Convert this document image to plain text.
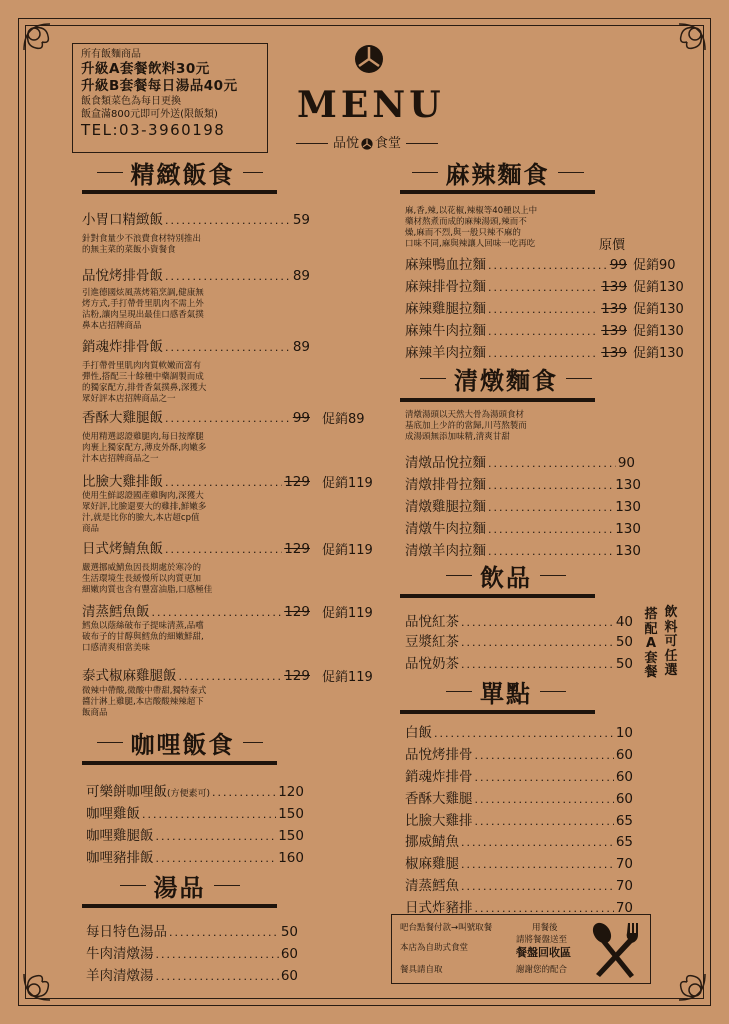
所有飯麵商品
升級A套餐飲料30元
升級B套餐每日湯品40元
飯食類菜色為每日更換
飯盒滿800元即可外送(限飯類)
TEL:03-3960198
MENU
品悅 食堂
精緻飯食	麻辣麵食
咖哩飯食
湯品
清燉麵食
飲品
單點
小胃口精緻飯 .....	59
針對食量少不浪費食材特別推出
的無主菜的菜飯小資餐食
品悅烤排骨飯 .....	89
引進德國炫風蒸烤箱烹調,健康無
烤方式,手打帶骨里肌肉不需上外
沾粉,讓肉呈現出最佳口感香氣撲
鼻本店招牌商品
銷魂炸排骨飯 .....	89
手打帶骨里肌肉肉質軟嫩而富有
彈性,搭配三十餘種中藥調製而成
的獨家配方,排骨香氣撲鼻,深獲大
眾好評本店招牌商品之一
香酥大雞腿飯 .....	99 促銷89
使用精選認證雞腿肉,每日按摩腿
肉裹上獨家配方,薄皮外酥,肉嫩多
汁本店招牌商品之一
比臉大雞排飯 .....	129 促銷119
使用生鮮認證國產雞胸肉,深獲大
眾好評,比臉還要大的雞排,鮮嫩多
汁,就是比你的臉大,本店超cp值
商品
日式烤鯖魚飯 .....	129 促銷119
嚴選挪威鯖魚因長期處於寒冷的
生活環境生長緩慢所以肉質更加
細嫩肉質也含有豐富油脂,口感極佳
清蒸鱈魚飯 .....	129 促銷119
鱈魚以蔭絲破布子提味清蒸,品嚐
破布子的甘醇與鱈魚的細嫩鮮甜,
口感清爽相當美味
泰式椒麻雞腿飯 .....	129 促銷119
微辣中帶酸,微酸中帶甜,獨特泰式
醬汁淋上雞腿,本店酸酸辣辣超下
飯商品
可樂餅咖哩飯 (方便素可) .....	120
咖哩雞飯 .....	150
咖哩雞腿飯 .....	150
咖哩豬排飯 .....	160
每日特色湯品 .....	50
牛肉清燉湯 .....	60
羊肉清燉湯 .....	60
麻,香,辣,以花椒,辣椒等40種以上中
藥材熬煮而成的麻辣湯頭,辣而不
燥,麻而不烈,與一般只辣不麻的
口味不同,麻與辣讓人回味一吃再吃	原價
麻辣鴨血拉麵 .....	99 促銷90
麻辣排骨拉麵 .....	139 促銷130
麻辣雞腿拉麵 .....	139 促銷130
麻辣牛肉拉麵 .....	139 促銷130
麻辣羊肉拉麵 .....	139 促銷130
清燉湯頭以天然大骨為湯頭食材
基底加上少許的當歸,川芎熬製而
成湯頭無添加味精,清爽甘甜
清燉品悅拉麵 .....	90
清燉排骨拉麵 .....	130
清燉雞腿拉麵 .....	130
清燉牛肉拉麵 .....	130
清燉羊肉拉麵 .....	130
品悅紅茶 .....	40
豆漿紅茶 .....	50
品悅奶茶 .....	50
搭配A套餐
飲料可任選
白飯 .....	10
品悅烤排骨 .....	60
銷魂炸排骨 .....	60
香酥大雞腿 .....	60
比臉大雞排 .....	65
挪威鯖魚 .....	65
椒麻雞腿 .....	70
清蒸鱈魚 .....	70
日式炸豬排 .....	70
吧台點餐付款→叫號取餐
本店為自助式食堂
餐具請自取
用餐後
請將餐盤送至
餐盤回收區
謝謝您的配合
